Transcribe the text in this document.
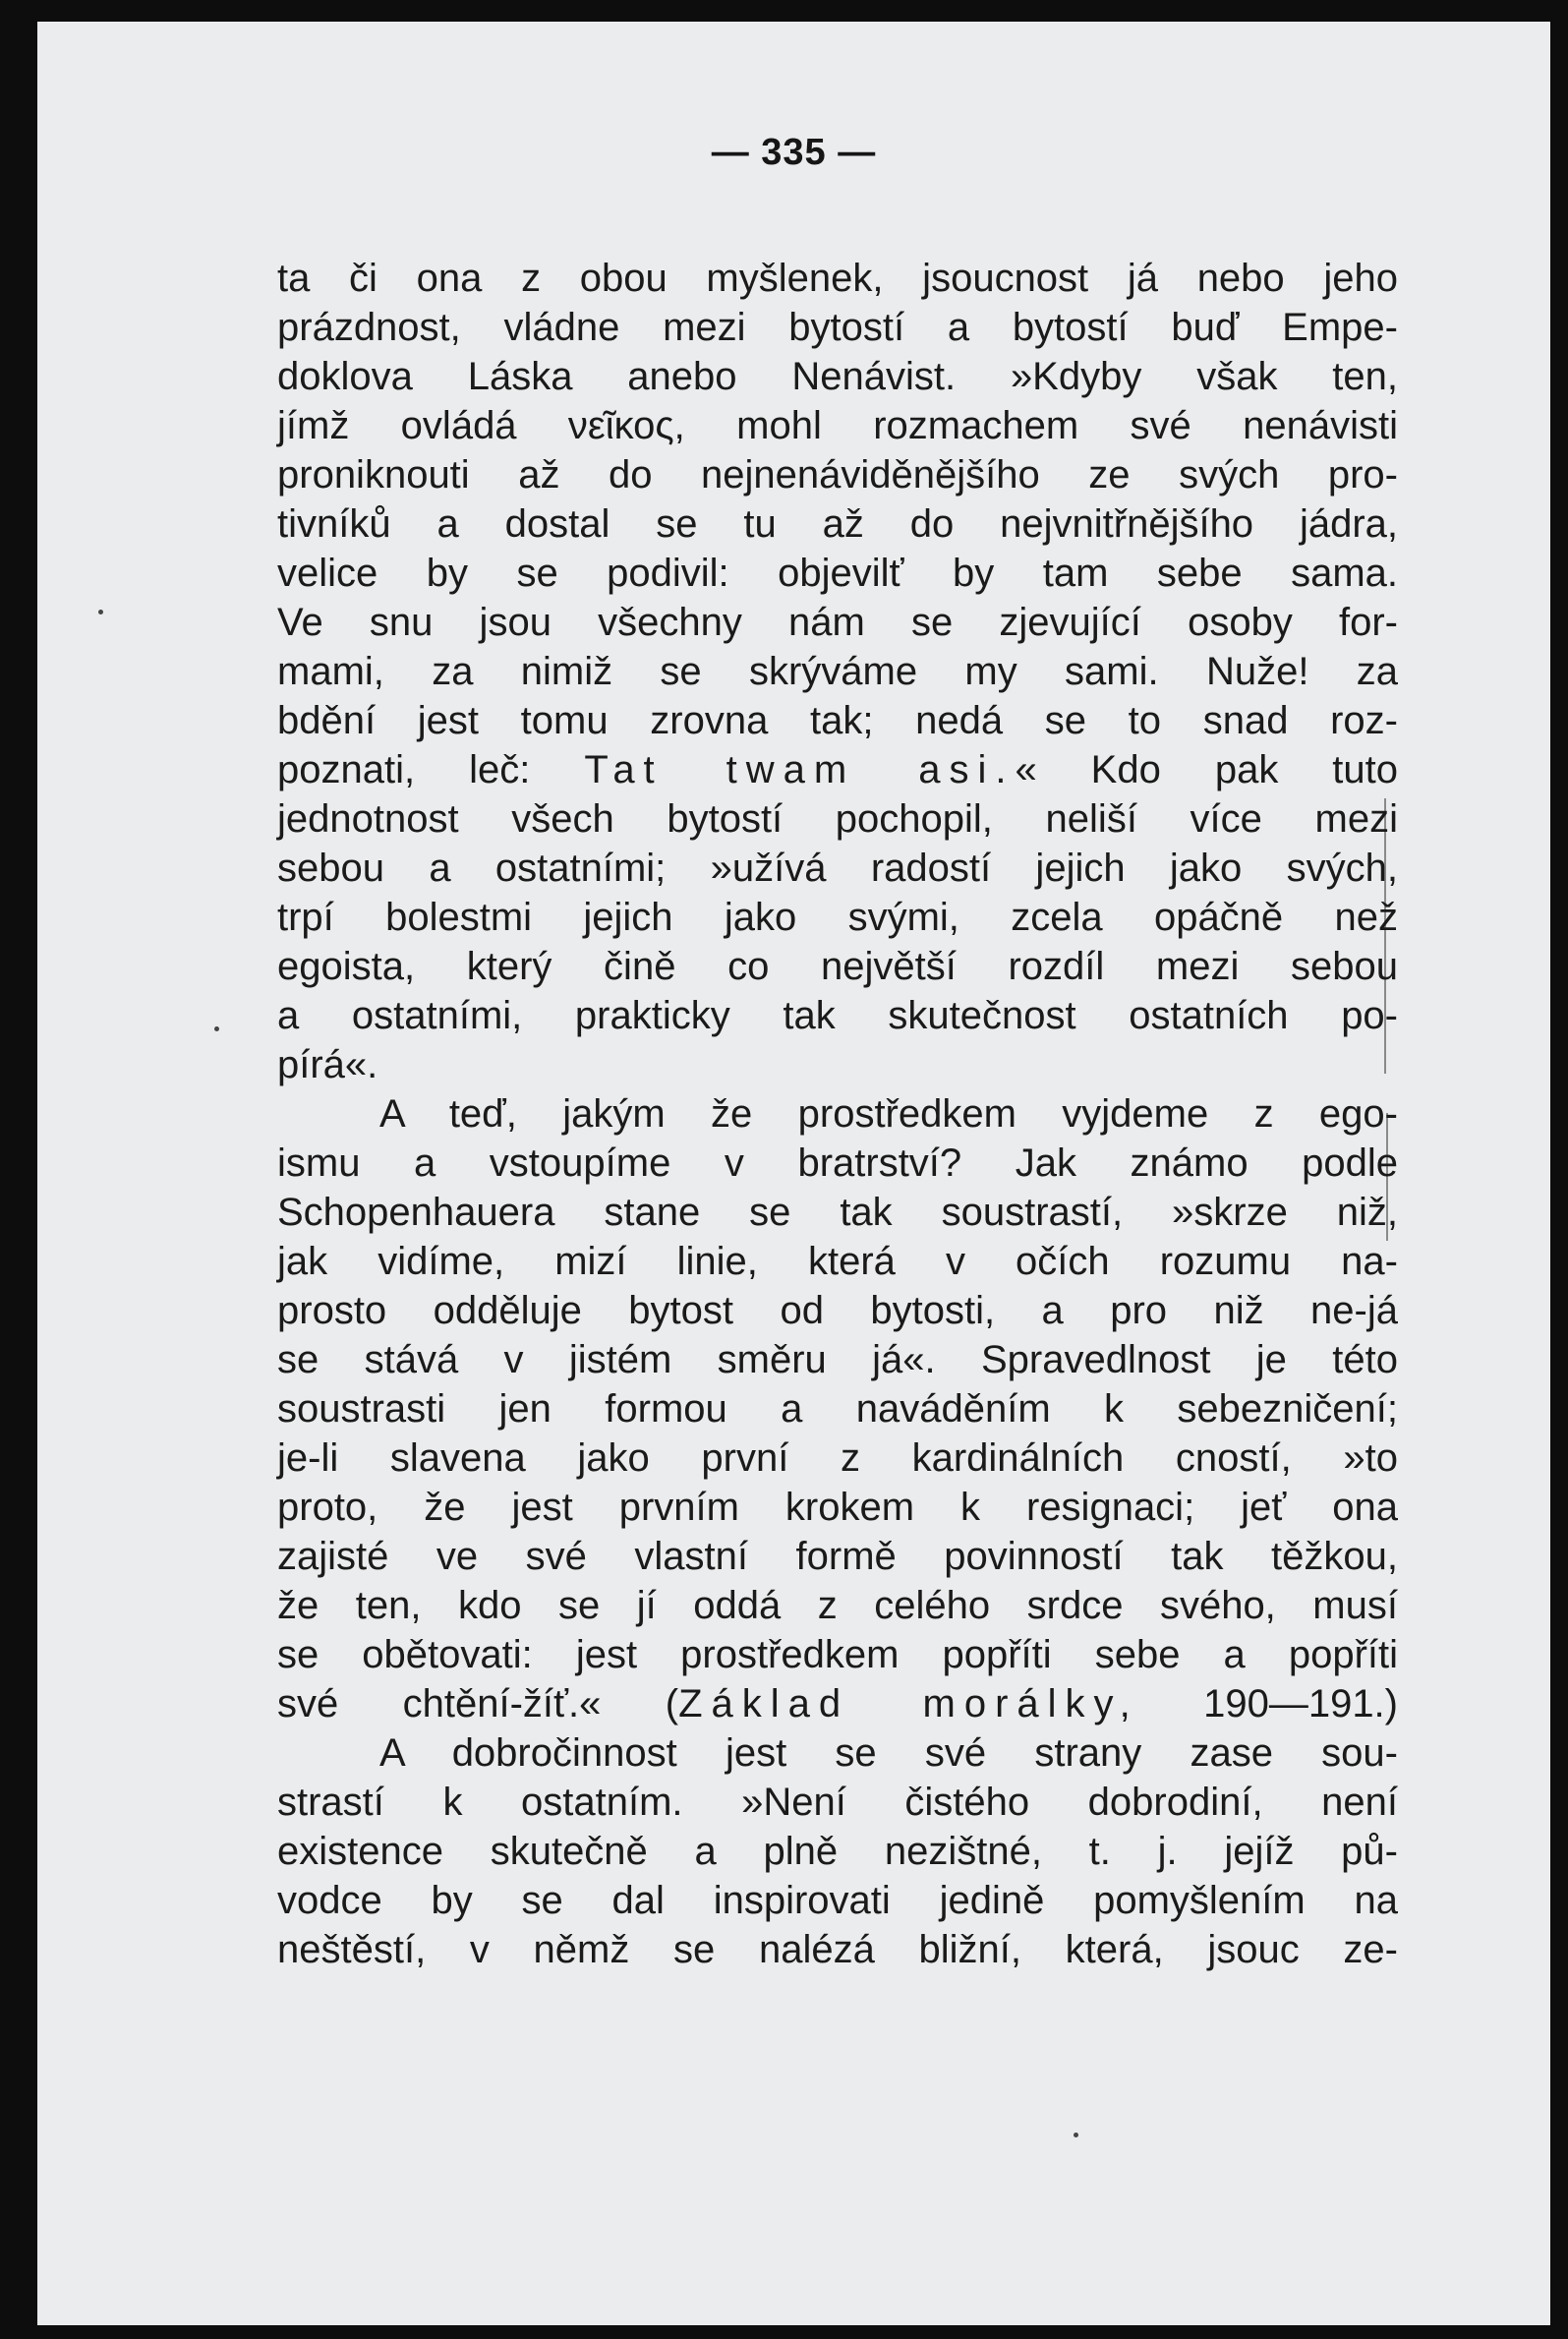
— 335 —
ta či ona z obou myšlenek, jsoucnost já nebo jeho
prázdnost, vládne mezi bytostí a bytostí buď Empe-
doklova Láska anebo Nenávist. »Kdyby však ten,
jímž ovládá νεῖκος, mohl rozmachem své nenávisti
proniknouti až do nejnenáviděnějšího ze svých pro-
tivníků a dostal se tu až do nejvnitřnějšího jádra,
velice by se podivil: objevilť by tam sebe sama.
Ve snu jsou všechny nám se zjevující osoby for-
mami, za nimiž se skrýváme my sami. Nuže! za
bdění jest tomu zrovna tak; nedá se to snad roz-
poznati, leč: Tat twam asi.« Kdo pak tuto
jednotnost všech bytostí pochopil, neliší více mezi
sebou a ostatními; »užívá radostí jejich jako svých,
trpí bolestmi jejich jako svými, zcela opáčně než
egoista, který čině co největší rozdíl mezi sebou
a ostatními, prakticky tak skutečnost ostatních po-
pírá«.
A teď, jakým že prostředkem vyjdeme z ego-
ismu a vstoupíme v bratrství? Jak známo podle
Schopenhauera stane se tak soustrastí, »skrze niž,
jak vidíme, mizí linie, která v očích rozumu na-
prosto odděluje bytost od bytosti, a pro niž ne-já
se stává v jistém směru já«. Spravedlnost je této
soustrasti jen formou a naváděním k sebezničení;
je-li slavena jako první z kardinálních cností, »to
proto, že jest prvním krokem k resignaci; jeť ona
zajisté ve své vlastní formě povinností tak těžkou,
že ten, kdo se jí oddá z celého srdce svého, musí
se obětovati: jest prostředkem popříti sebe a popříti
své chtění-žíť.« (Základ morálky, 190—191.)
A dobročinnost jest se své strany zase sou-
strastí k ostatním. »Není čistého dobrodiní, není
existence skutečně a plně nezištné, t. j. jejíž pů-
vodce by se dal inspirovati jedině pomyšlením na
neštěstí, v němž se nalézá bližní, která, jsouc ze-
